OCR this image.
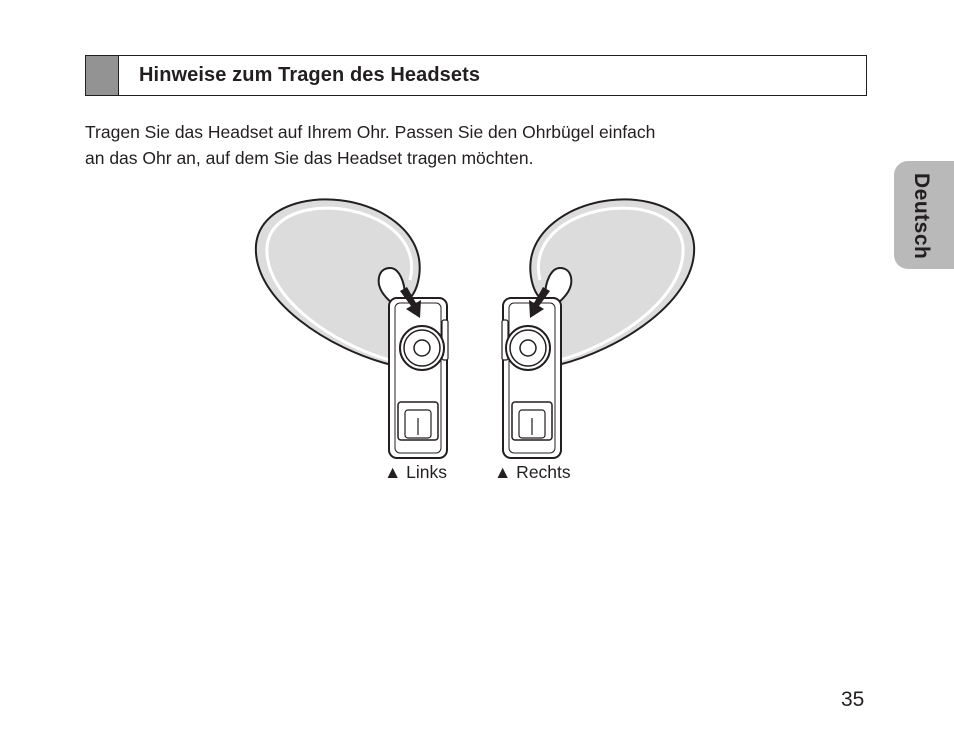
Hinweise zum Tragen des Headsets

Tragen Sie das Headset auf Ihrem Ohr. Passen Sie den Ohrbügel einfach
an das Ohr an, auf dem Sie das Headset tragen möchten.

Deutsch
▲ Links	▲ Rechts
35
